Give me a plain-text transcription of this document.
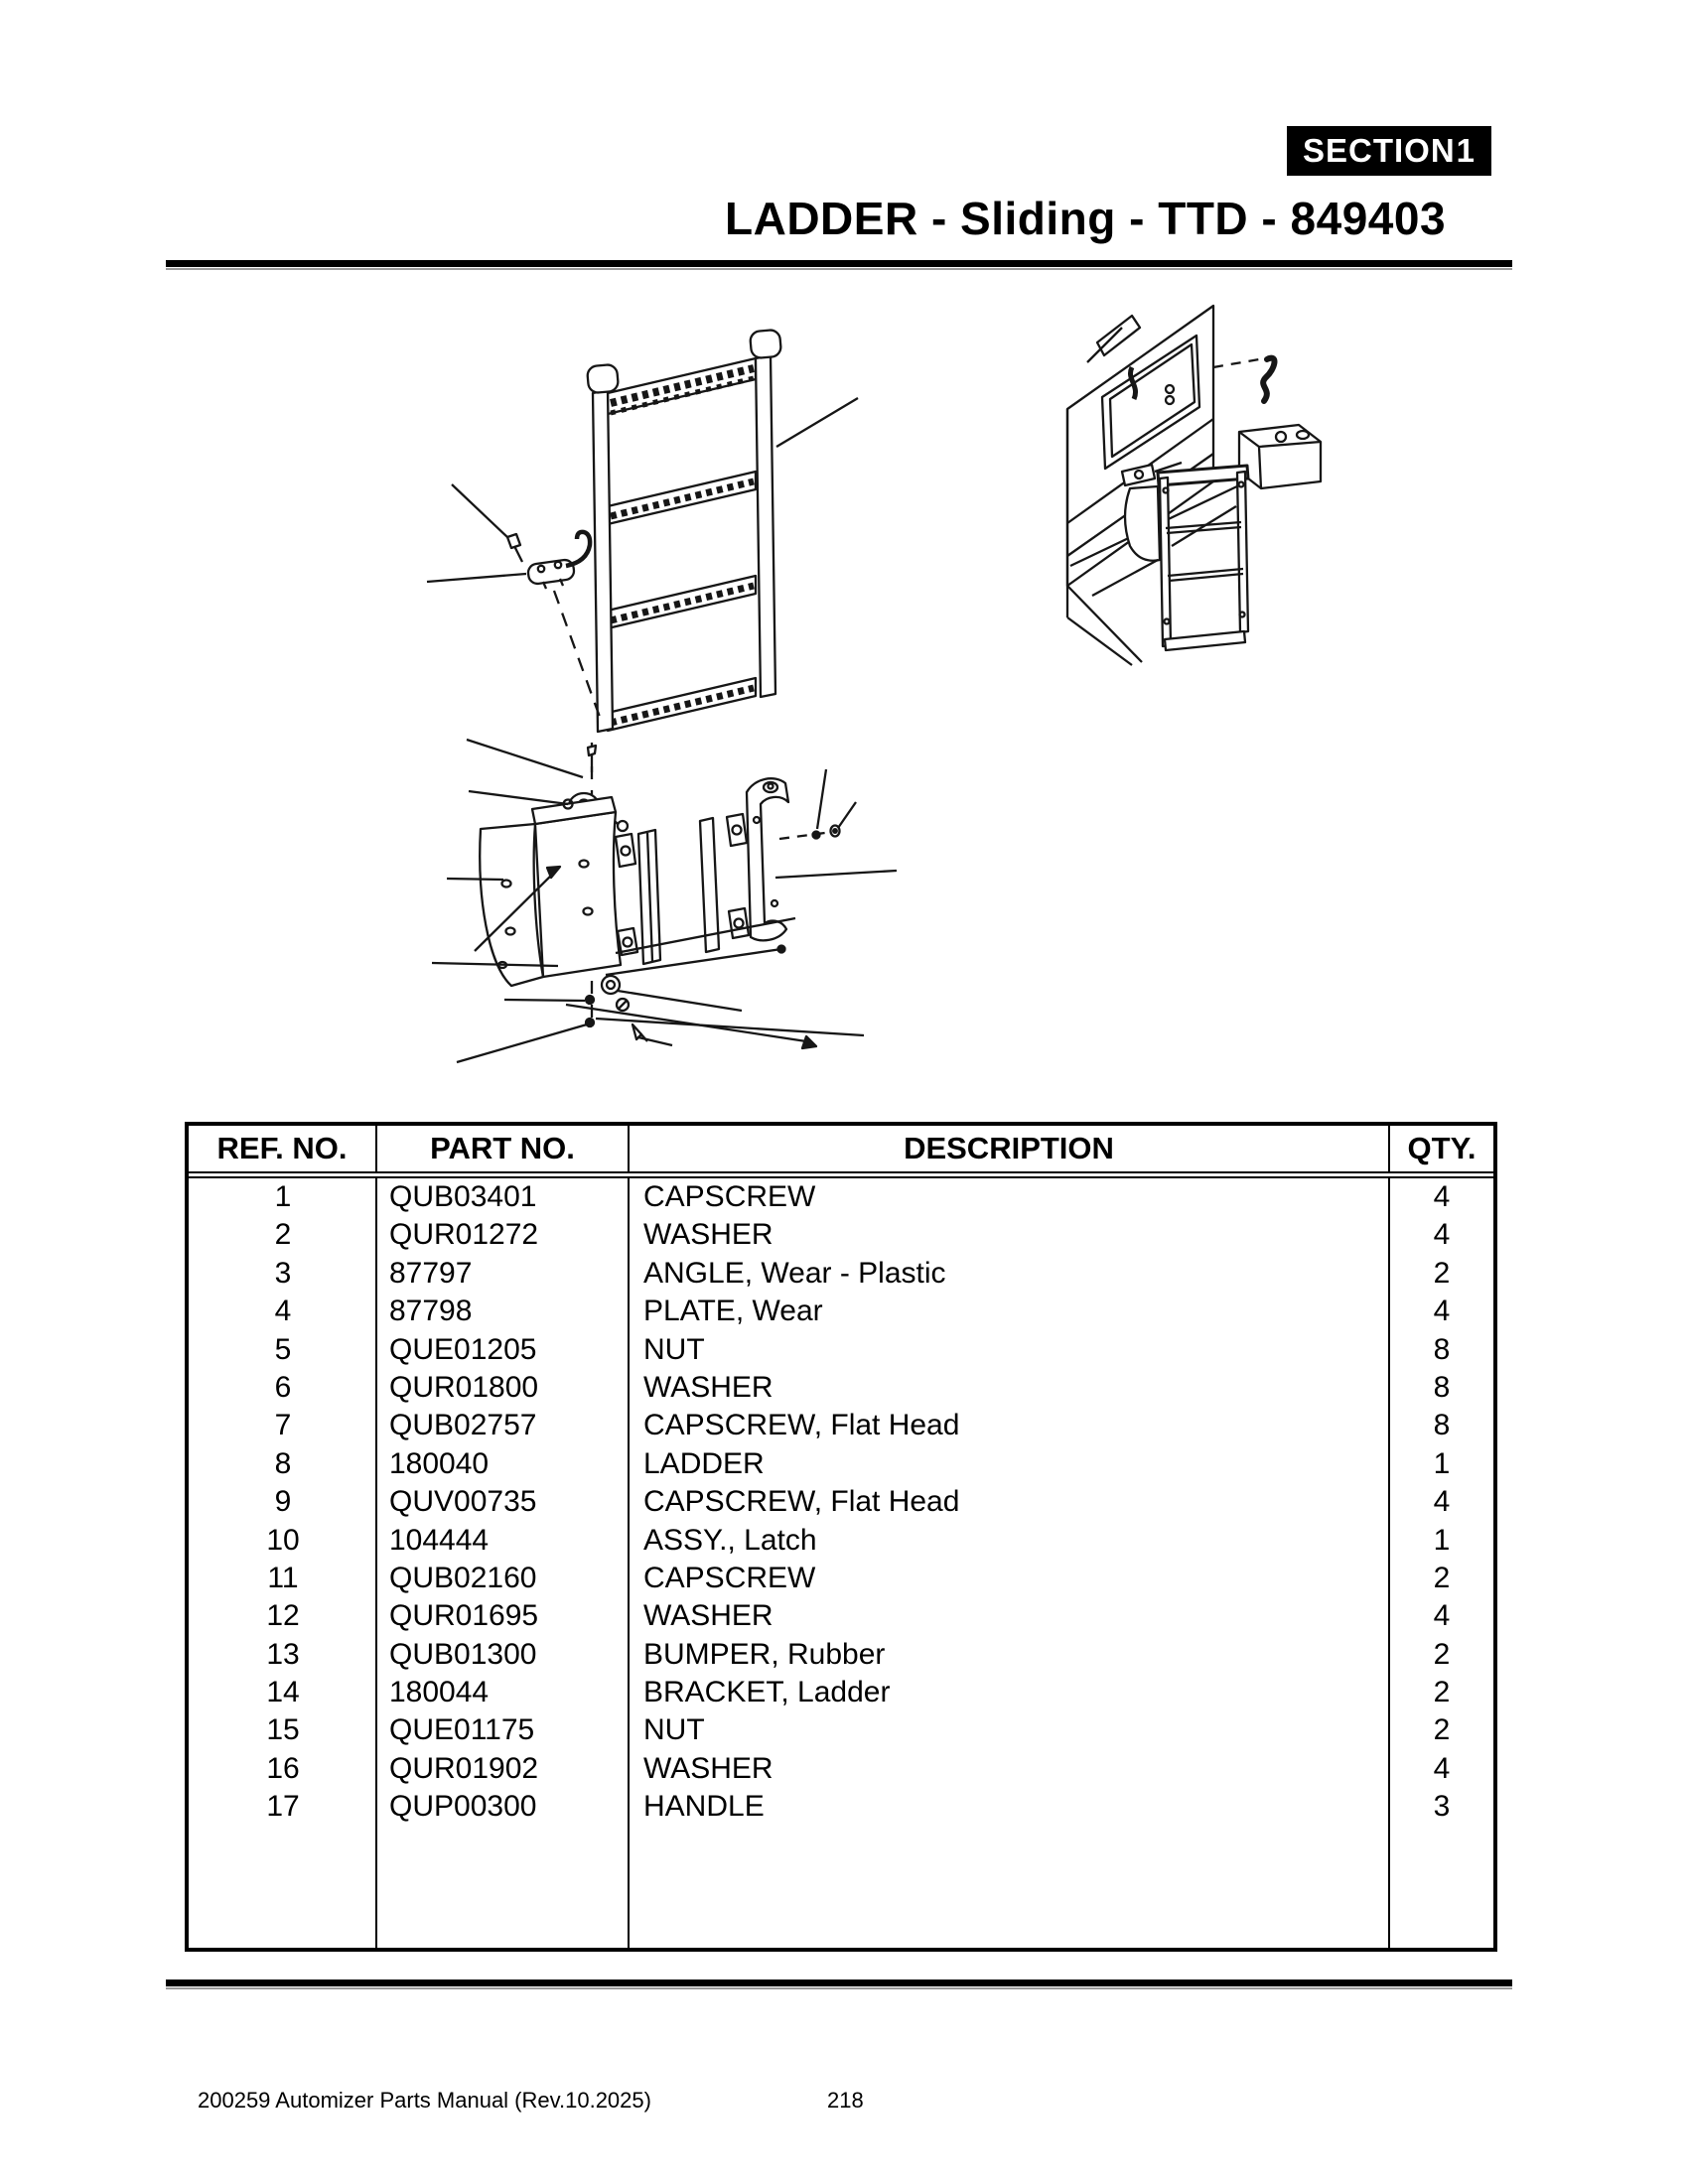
SECTION 1
LADDER - Sliding - TTD - 849403
REF. NO.	PART NO.	DESCRIPTION	QTY.
1	QUB03401	CAPSCREW	4
2	QUR01272	WASHER	4
3	87797	ANGLE, Wear - Plastic	2
4	87798	PLATE, Wear	4
5	QUE01205	NUT	8
6	QUR01800	WASHER	8
7	QUB02757	CAPSCREW, Flat Head	8
8	180040	LADDER	1
9	QUV00735	CAPSCREW, Flat Head	4
10	104444	ASSY., Latch	1
11	QUB02160	CAPSCREW	2
12	QUR01695	WASHER	4
13	QUB01300	BUMPER, Rubber	2
14	180044	BRACKET, Ladder	2
15	QUE01175	NUT	2
16	QUR01902	WASHER	4
17	QUP00300	HANDLE	3
200259 Automizer Parts Manual (Rev.10.2025)	218
